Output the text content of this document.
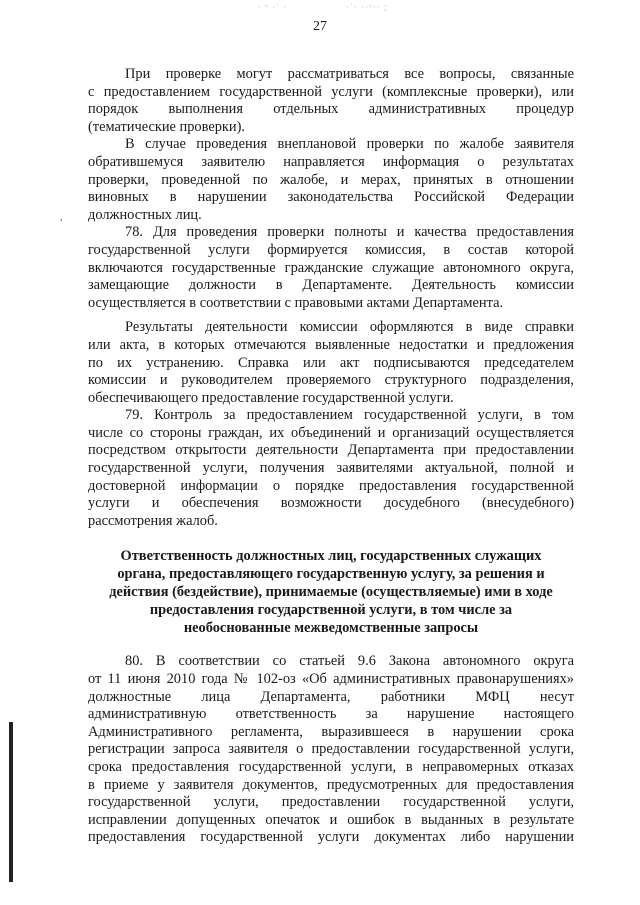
· ᵛ ·˙ ·	·˙· ··ᵛ·· ;
27
,
При проверке могут рассматриваться все вопросы, связанные
с предоставлением государственной услуги (комплексные проверки), или
порядок выполнения отдельных административных процедур
(тематические проверки).
В случае проведения внеплановой проверки по жалобе заявителя
обратившемуся заявителю направляется информация о результатах
проверки, проведенной по жалобе, и мерах, принятых в отношении
виновных в нарушении законодательства Российской Федерации
должностных лиц.
78. Для проведения проверки полноты и качества предоставления
государственной услуги формируется комиссия, в состав которой
включаются государственные гражданские служащие автономного округа,
замещающие должности в Департаменте. Деятельность комиссии
осуществляется в соответствии с правовыми актами Департамента.
Результаты деятельности комиссии оформляются в виде справки
или акта, в которых отмечаются выявленные недостатки и предложения
по их устранению. Справка или акт подписываются председателем
комиссии и руководителем проверяемого структурного подразделения,
обеспечивающего предоставление государственной услуги.
79. Контроль за предоставлением государственной услуги, в том
числе со стороны граждан, их объединений и организаций осуществляется
посредством открытости деятельности Департамента при предоставлении
государственной услуги, получения заявителями актуальной, полной и
достоверной информации о порядке предоставления государственной
услуги и обеспечения возможности досудебного (внесудебного)
рассмотрения жалоб.
Ответственность должностных лиц, государственных служащих
органа, предоставляющего государственную услугу, за решения и
действия (бездействие), принимаемые (осуществляемые) ими в ходе
предоставления государственной услуги, в том числе за
необоснованные межведомственные запросы
80. В соответствии со статьей 9.6 Закона автономного округа
от 11 июня 2010 года № 102-оз «Об административных правонарушениях»
должностные лица Департамента, работники МФЦ несут
административную ответственность за нарушение настоящего
Административного регламента, выразившееся в нарушении срока
регистрации запроса заявителя о предоставлении государственной услуги,
срока предоставления государственной услуги, в неправомерных отказах
в приеме у заявителя документов, предусмотренных для предоставления
государственной услуги, предоставлении государственной услуги,
исправлении допущенных опечаток и ошибок в выданных в результате
предоставления государственной услуги документах либо нарушении
